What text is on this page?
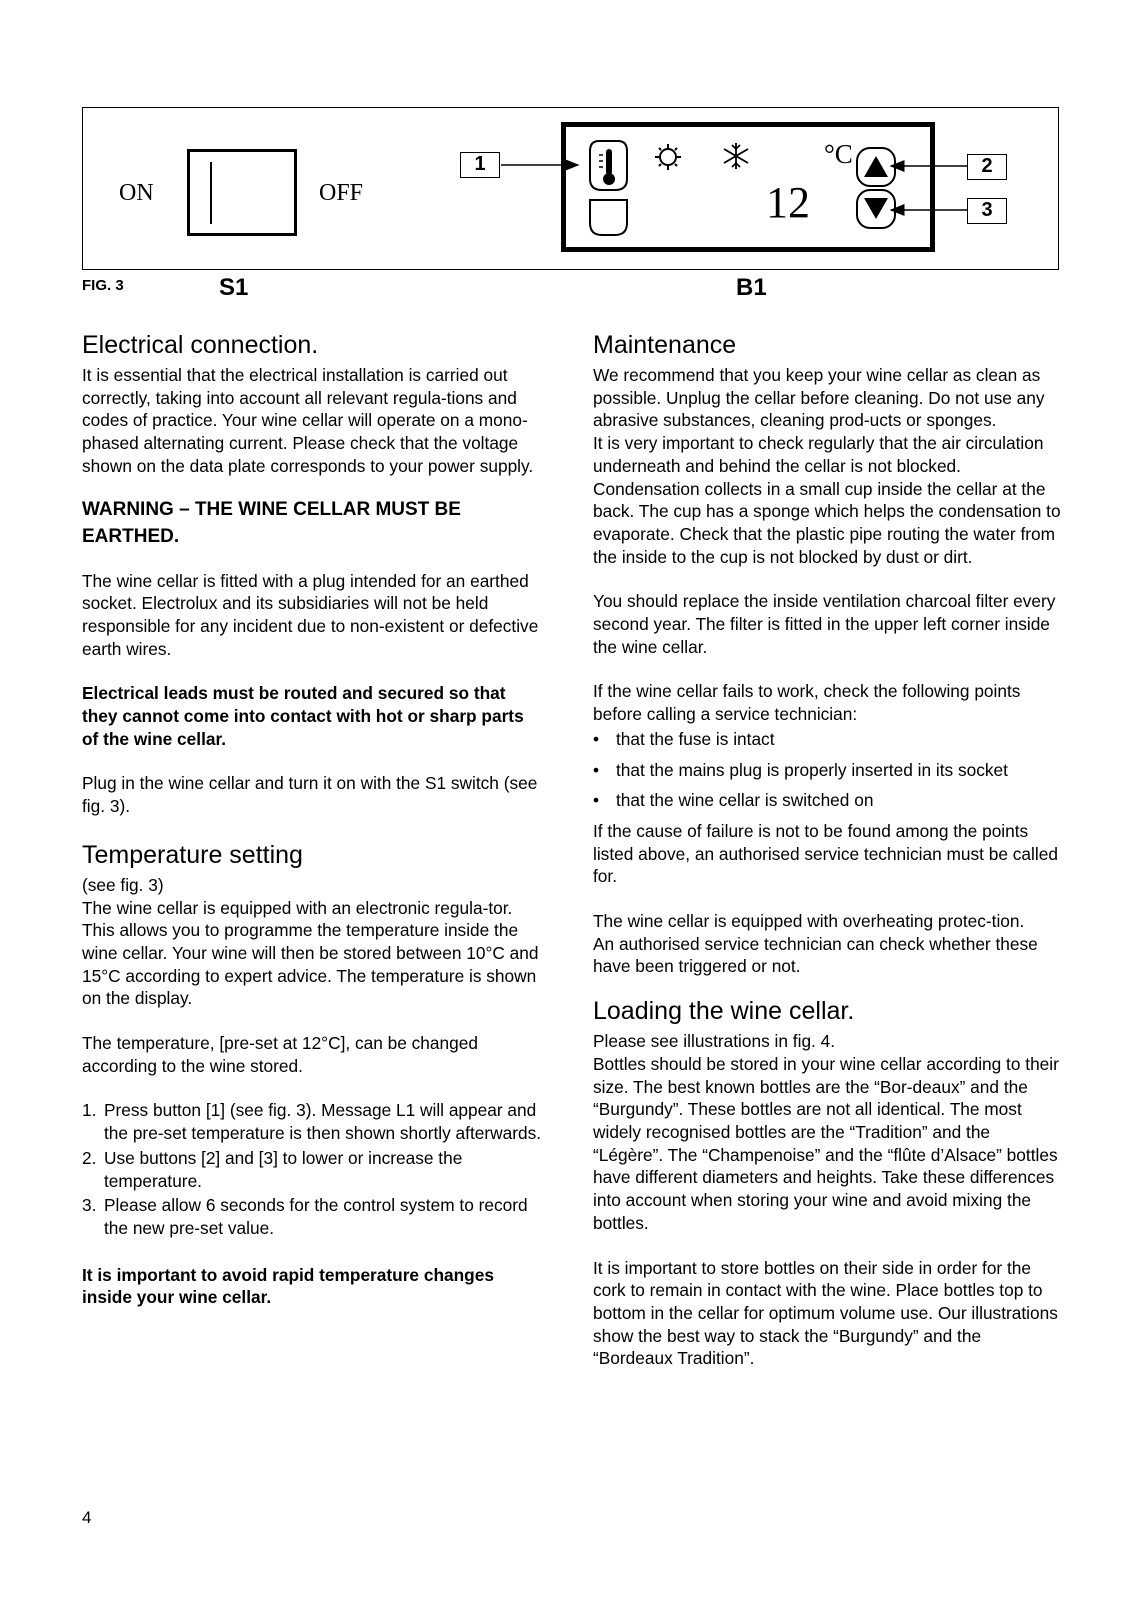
ON	OFF
1	2
3
°C
12
FIG. 3	S1	B1
Electrical connection.

It is essential that the electrical installation is carried out correctly, taking into account all relevant regula-tions and codes of practice. Your wine cellar will operate on a mono-phased alternating current. Please check that the voltage shown on the data plate corresponds to your power supply.

WARNING – THE WINE CELLAR MUST BE EARTHED.

The wine cellar is fitted with a plug intended for an earthed socket. Electrolux and its subsidiaries will not be held responsible for any incident due to non-existent or defective earth wires.

Electrical leads must be routed and secured so that they cannot come into contact with hot or sharp parts of the wine cellar.

Plug in the wine cellar and turn it on with the S1 switch (see fig. 3).

Temperature setting

(see fig. 3)

The wine cellar is equipped with an electronic regula-tor. This allows you to programme the temperature inside the wine cellar. Your wine will then be stored between 10°C and 15°C according to expert advice. The temperature is shown on the display.

The temperature, [pre-set at 12°C], can be changed according to the wine stored.

1. Press button [1] (see fig. 3). Message L1 will appear and the pre-set temperature is then shown shortly afterwards.
2. Use buttons [2] and [3] to lower or increase the temperature.
3. Please allow 6 seconds for the control system to record the new pre-set value.

It is important to avoid rapid temperature changes inside your wine cellar.

Maintenance

We recommend that you keep your wine cellar as clean as possible. Unplug the cellar before cleaning. Do not use any abrasive substances, cleaning prod-ucts or sponges.

It is very important to check regularly that the air circulation underneath and behind the cellar is not blocked. Condensation collects in a small cup inside the cellar at the back. The cup has a sponge which helps the condensation to evaporate. Check that the plastic pipe routing the water from the inside to the cup is not blocked by dust or dirt.

You should replace the inside ventilation charcoal filter every second year. The filter is fitted in the upper left corner inside the wine cellar.

If the wine cellar fails to work, check the following points before calling a service technician:

• that the fuse is intact
• that the mains plug is properly inserted in its socket
• that the wine cellar is switched on

If the cause of failure is not to be found among the points listed above, an authorised service technician must be called for.

The wine cellar is equipped with overheating protec-tion.

An authorised service technician can check whether these have been triggered or not.

Loading the wine cellar.

Please see illustrations in fig. 4.

Bottles should be stored in your wine cellar according to their size. The best known bottles are the “Bor-deaux” and the “Burgundy”. These bottles are not all identical. The most widely recognised bottles are the “Tradition” and the “Légère”. The “Champenoise” and the “flûte d’Alsace” bottles have different diameters and heights. Take these differences into account when storing your wine and avoid mixing the bottles.

It is important to store bottles on their side in order for the cork to remain in contact with the wine. Place bottles top to bottom in the cellar for optimum volume use. Our illustrations show the best way to stack the “Burgundy” and the “Bordeaux Tradition”.

4
